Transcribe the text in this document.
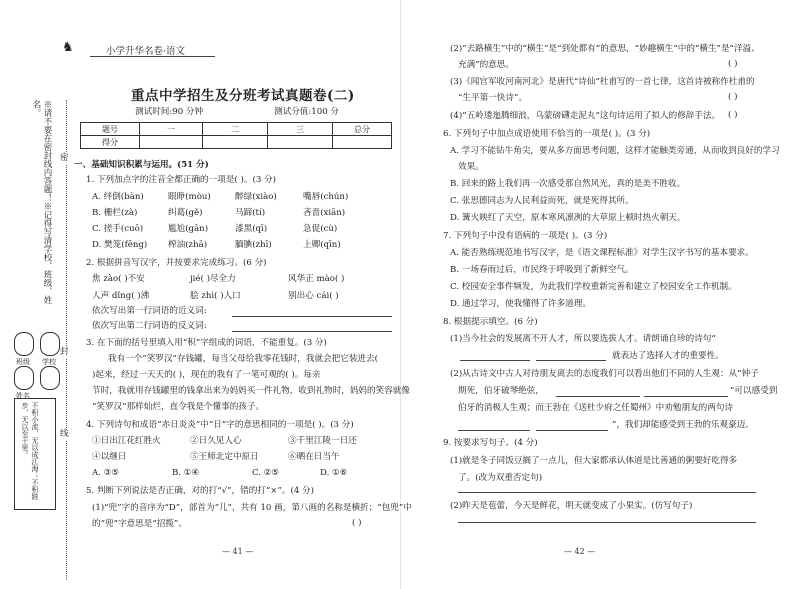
♞	小学升华名卷·语文
重点中学招生及分班考试真题卷(二)
测试时间:90 分钟	测试分值:100 分
题号	一	二	三	总分
得分				
※请不要在密封线内答题！※记得写清学校、班级、姓名。
密
封
线
学校
班级
姓名
不积小流，无以成江海；不积跬步，无以至千里。
一、基础知识积累与运用。(51 分)
1. 下列加点字的注音全都正确的一项是( )。(3 分)
A. 绊倒(bàn)	眼睁(mòu)	醉绿(xiào)	嘴唇(chún)
B. 栅栏(zà)	纠葛(gě)	马蹄(tí)	吝啬(xiān)
C. 搓手(cuō)	尴尬(gān)	漆黑(qī)	急促(cù)
D. 樊笼(fēng) 榨油(zhā)	腼腆(zhī)	上卿(qīn)
2. 根据拼音写汉字，并按要求完成练习。(6 分)
焦 zào( )不安	jié( )尽全力	风华正 mào( )
人声 dǐng( )沸	脍 zhì( )人口	别出心 cái( )
依次写出第一行词语的近义词:
依次写出第二行词语的反义词:
3. 在下面的括号里填入用“积”字组成的词语，不能重复。(3 分)
我有一个“笑罗汉”存钱罐，每当父母给我零花钱时，我就会把它装进去(
)起来，经过一天天的( )，现在的我有了一笔可观的( )。每亲
节时，我就用存钱罐里的钱拿出来为妈妈买一件礼物，收到礼物时，妈妈的笑容就像
“笑罗汉”那样灿烂，直令我是个懂事的孩子。
4. 下列诗句和成语“赤日炎炎”中“日”字的意思相同的一项是( )。(3 分)
①日出江花红胜火	②日久见人心	③千里江陵一日还
④以继日	⑤王师北定中原日	⑥晒在日当午
A. ③⑤	B. ①④	C. ②⑤	D. ①⑥
5. 判断下列说法是否正确，对的打“√”，错的打“×”。(4 分)
(1)“兜”字的音序为“D”，部首为“儿”，共有 10 画，第八画的名称是横折；“包兜”中
的“兜”字意思是“招揽”。	( )
— 41 —
(2)“去路横生”中的“横生”是“到处都有”的意思，“妙趣横生”中的“横生”是“洋溢、
充满”的意思。	( )
(3)《闻官军收河南河北》是唐代“诗仙”杜甫写的一首七律，这首诗被称作杜甫的
“生平第一快诗”。	( )
(4)“五岭逶迤腾细浪，乌蒙磅礴走泥丸”这句诗运用了拟人的修辞手法。 ( )
6. 下列句子中加点成语使用不恰当的一项是( )。(3 分)
A. 学习不能钻牛角尖，要从多方面思考问题，这样才能触类旁通，从而收到良好的学习
效果。
B. 回来的路上我们再一次感受那自然风光，真的是美不胜收。
C. 张思德同志为人民利益而死，就是死得其所。
D. 篝火映红了天空，原本寒风凛冽的大草原上顿时热火朝天。
7. 下列句子中没有语病的一项是( )。(3 分)
A. 能否熟练规范地书写汉字，是《语文课程标准》对学生汉字书写的基本要求。
B. 一场春雨过后，市民终于呼吸到了新鲜空气。
C. 校园安全事件频发，为此我们学校重新完善和建立了校园安全工作机制。
D. 通过学习，使我懂得了许多道理。
8. 根据提示填空。(6 分)
(1)当今社会的发展离不开人才，所以要选拔人才。请朗诵自珍的诗句“
就表达了选择人才的重要性。
(2)从古诗文中古人对待朋友离去的态度我们可以看出他们不同的人生观：从“钟子
期死，伯牙破琴绝弦，	”可以感受到
伯牙的消极人生观；而王勃在《送杜少府之任蜀州》中劝勉朋友的两句诗
”，我们却能感受到王勃的乐观豪迈。
9. 按要求写句子。(4 分)
(1)就是冬子同饭豆搁了一点儿，但大家都承认体道是比善通的粥要好吃得多
了。(改为双重否定句)
(2)昨天是苞蕾，今天是鲜花，明天就变成了小果实。(仿写句子)
— 42 —
